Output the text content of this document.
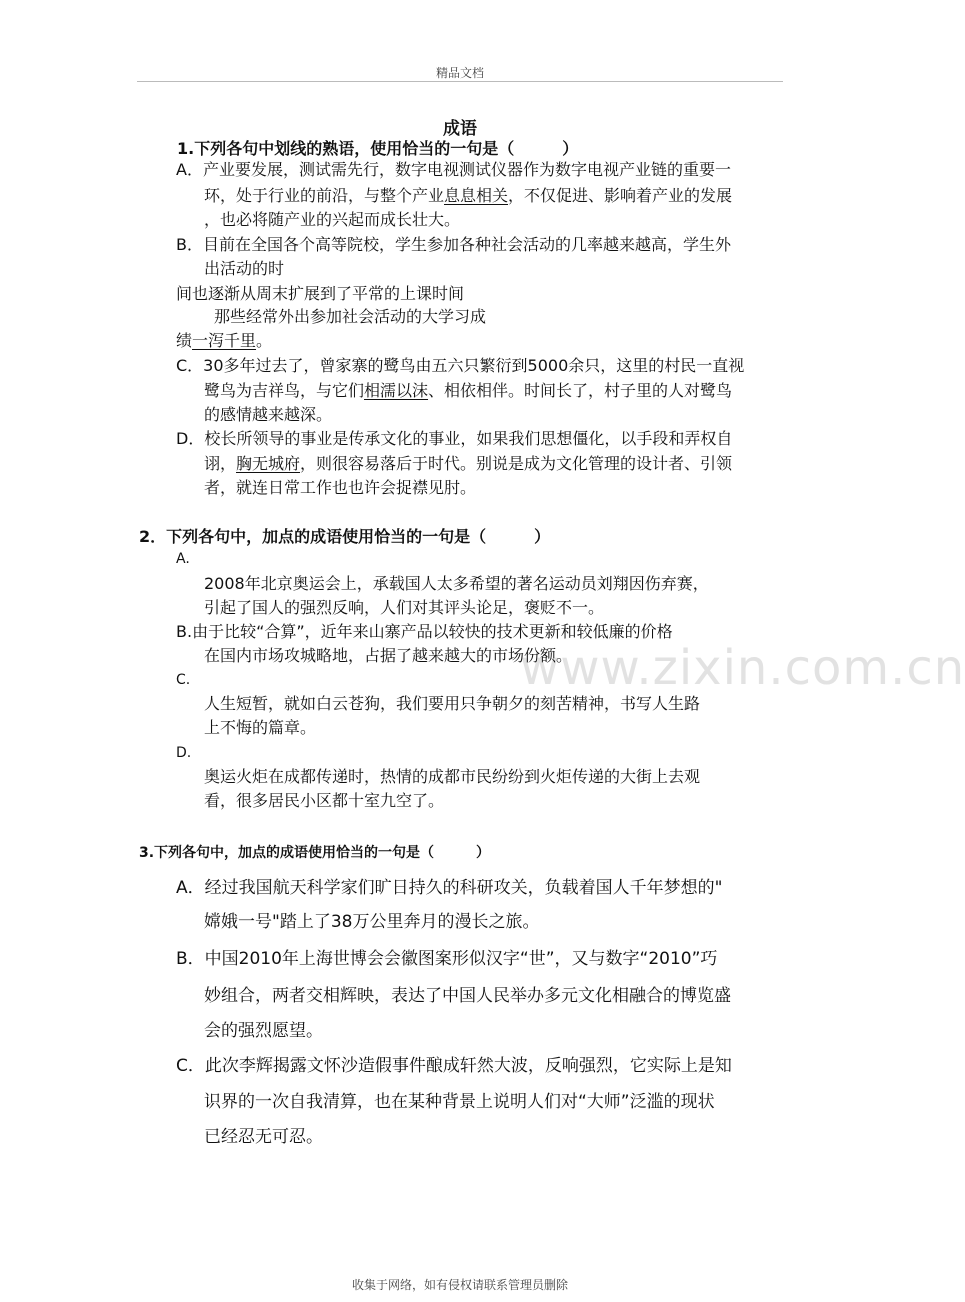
精品文档
www.zixin.com.cn
成语
1.下列各句中划线的熟语，使用恰当的一句是（　　　）
A．产业要发展，测试需先行，数字电视测试仪器作为数字电视产业链的重要一
环，处于行业的前沿，与整个产业息息相关，不仅促进、影响着产业的发展
，也必将随产业的兴起而成长壮大。
B．目前在全国各个高等院校，学生参加各种社会活动的几率越来越高，学生外
出活动的时
间也逐渐从周末扩展到了平常的上课时间
那些经常外出参加社会活动的大学习成
绩一泻千里。
C．30多年过去了，曾家寨的鹭鸟由五六只繁衍到5000余只，这里的村民一直视
鹭鸟为吉祥鸟，与它们相濡以沫、相依相伴。时间长了，村子里的人对鹭鸟
的感情越来越深。
D．校长所领导的事业是传承文化的事业，如果我们思想僵化，以手段和弄权自
诩，胸无城府，则很容易落后于时代。别说是成为文化管理的设计者、引领
者，就连日常工作也也许会捉襟见肘。
2．下列各句中，加点的成语使用恰当的一句是（　　　）
A.
2008年北京奥运会上，承载国人太多希望的著名运动员刘翔因伤弃赛，
引起了国人的强烈反响，人们对其评头论足，褒贬不一。
B.由于比较“合算”，近年来山寨产品以较快的技术更新和较低廉的价格
在国内市场攻城略地，占据了越来越大的市场份额。
C.
人生短暂，就如白云苍狗，我们要用只争朝夕的刻苦精神，书写人生路
上不悔的篇章。
D.
奥运火炬在成都传递时，热情的成都市民纷纷到火炬传递的大街上去观
看，很多居民小区都十室九空了。
3.下列各句中，加点的成语使用恰当的一句是（　　　）
A．经过我国航天科学家们旷日持久的科研攻关，负载着国人千年梦想的"
嫦娥一号"踏上了38万公里奔月的漫长之旅。
B．中国2010年上海世博会会徽图案形似汉字“世”，又与数字“2010”巧
妙组合，两者交相辉映，表达了中国人民举办多元文化相融合的博览盛
会的强烈愿望。
C．此次李辉揭露文怀沙造假事件酿成轩然大波，反响强烈，它实际上是知
识界的一次自我清算，也在某种背景上说明人们对“大师”泛滥的现状
已经忍无可忍。
收集于网络，如有侵权请联系管理员删除
